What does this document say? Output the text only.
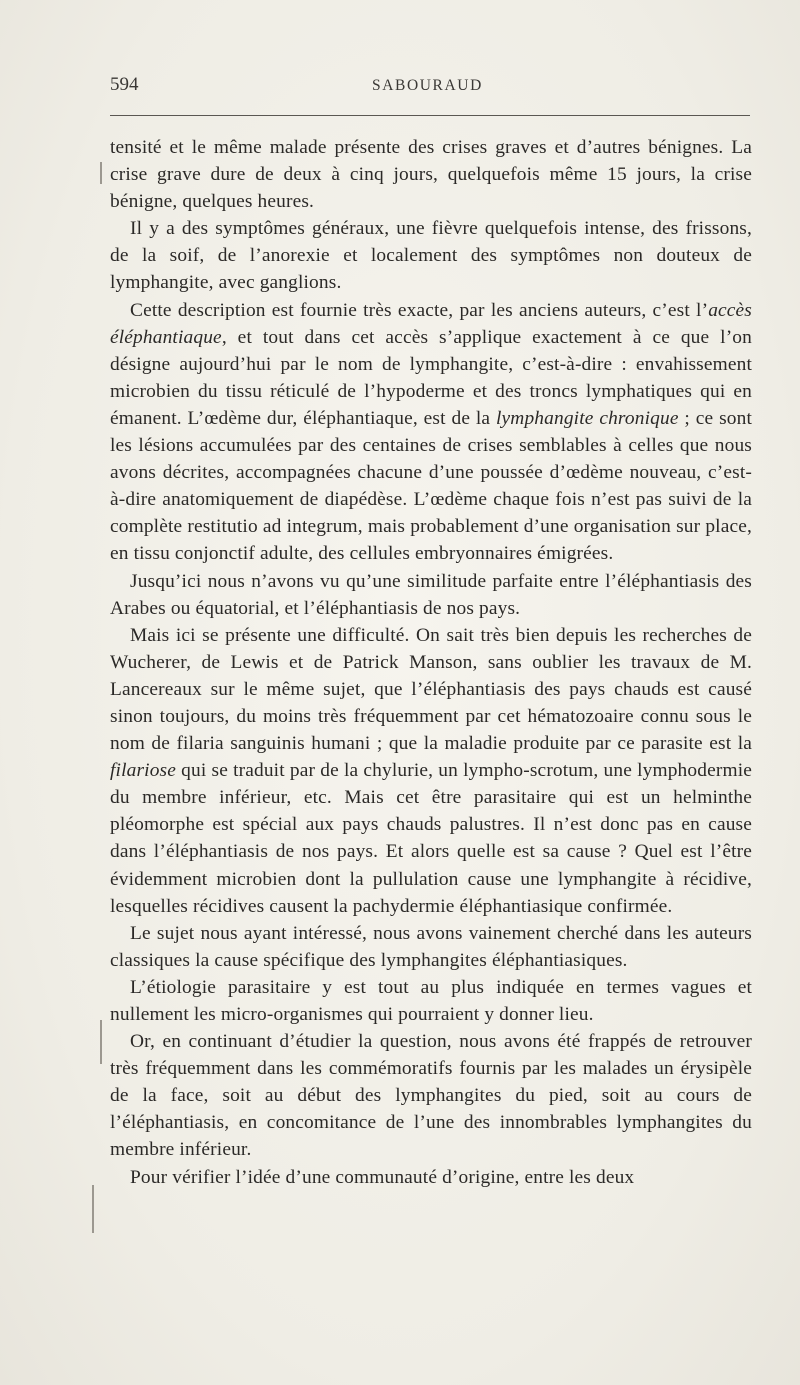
594	SABOURAUD

tensité et le même malade présente des crises graves et d’autres bénignes. La crise grave dure de deux à cinq jours, quelquefois même 15 jours, la crise bénigne, quelques heures.

Il y a des symptômes généraux, une fièvre quelquefois intense, des frissons, de la soif, de l’anorexie et localement des symptômes non douteux de lymphangite, avec ganglions.

Cette description est fournie très exacte, par les anciens auteurs, c’est l’accès éléphantiaque, et tout dans cet accès s’applique exactement à ce que l’on désigne aujourd’hui par le nom de lymphangite, c’est-à-dire : envahissement microbien du tissu réticulé de l’hypoderme et des troncs lymphatiques qui en émanent. L’œdème dur, éléphantiaque, est de la lymphangite chronique ; ce sont les lésions accumulées par des centaines de crises semblables à celles que nous avons décrites, accompagnées chacune d’une poussée d’œdème nouveau, c’est-à-dire anatomiquement de diapédèse. L’œdème chaque fois n’est pas suivi de la complète restitutio ad integrum, mais probablement d’une organisation sur place, en tissu conjonctif adulte, des cellules embryonnaires émigrées.

Jusqu’ici nous n’avons vu qu’une similitude parfaite entre l’éléphantiasis des Arabes ou équatorial, et l’éléphantiasis de nos pays.

Mais ici se présente une difficulté. On sait très bien depuis les recherches de Wucherer, de Lewis et de Patrick Manson, sans oublier les travaux de M. Lancereaux sur le même sujet, que l’éléphantiasis des pays chauds est causé sinon toujours, du moins très fréquemment par cet hématozoaire connu sous le nom de filaria sanguinis humani ; que la maladie produite par ce parasite est la filariose qui se traduit par de la chylurie, un lympho-scrotum, une lymphodermie du membre inférieur, etc. Mais cet être parasitaire qui est un helminthe pléomorphe est spécial aux pays chauds palustres. Il n’est donc pas en cause dans l’éléphantiasis de nos pays. Et alors quelle est sa cause ? Quel est l’être évidemment microbien dont la pullulation cause une lymphangite à récidive, lesquelles récidives causent la pachydermie éléphantiasique confirmée.

Le sujet nous ayant intéressé, nous avons vainement cherché dans les auteurs classiques la cause spécifique des lymphangites éléphantiasiques.

L’étiologie parasitaire y est tout au plus indiquée en termes vagues et nullement les micro-organismes qui pourraient y donner lieu.

Or, en continuant d’étudier la question, nous avons été frappés de retrouver très fréquemment dans les commémoratifs fournis par les malades un érysipèle de la face, soit au début des lymphangites du pied, soit au cours de l’éléphantiasis, en concomitance de l’une des innombrables lymphangites du membre inférieur.

Pour vérifier l’idée d’une communauté d’origine, entre les deux
